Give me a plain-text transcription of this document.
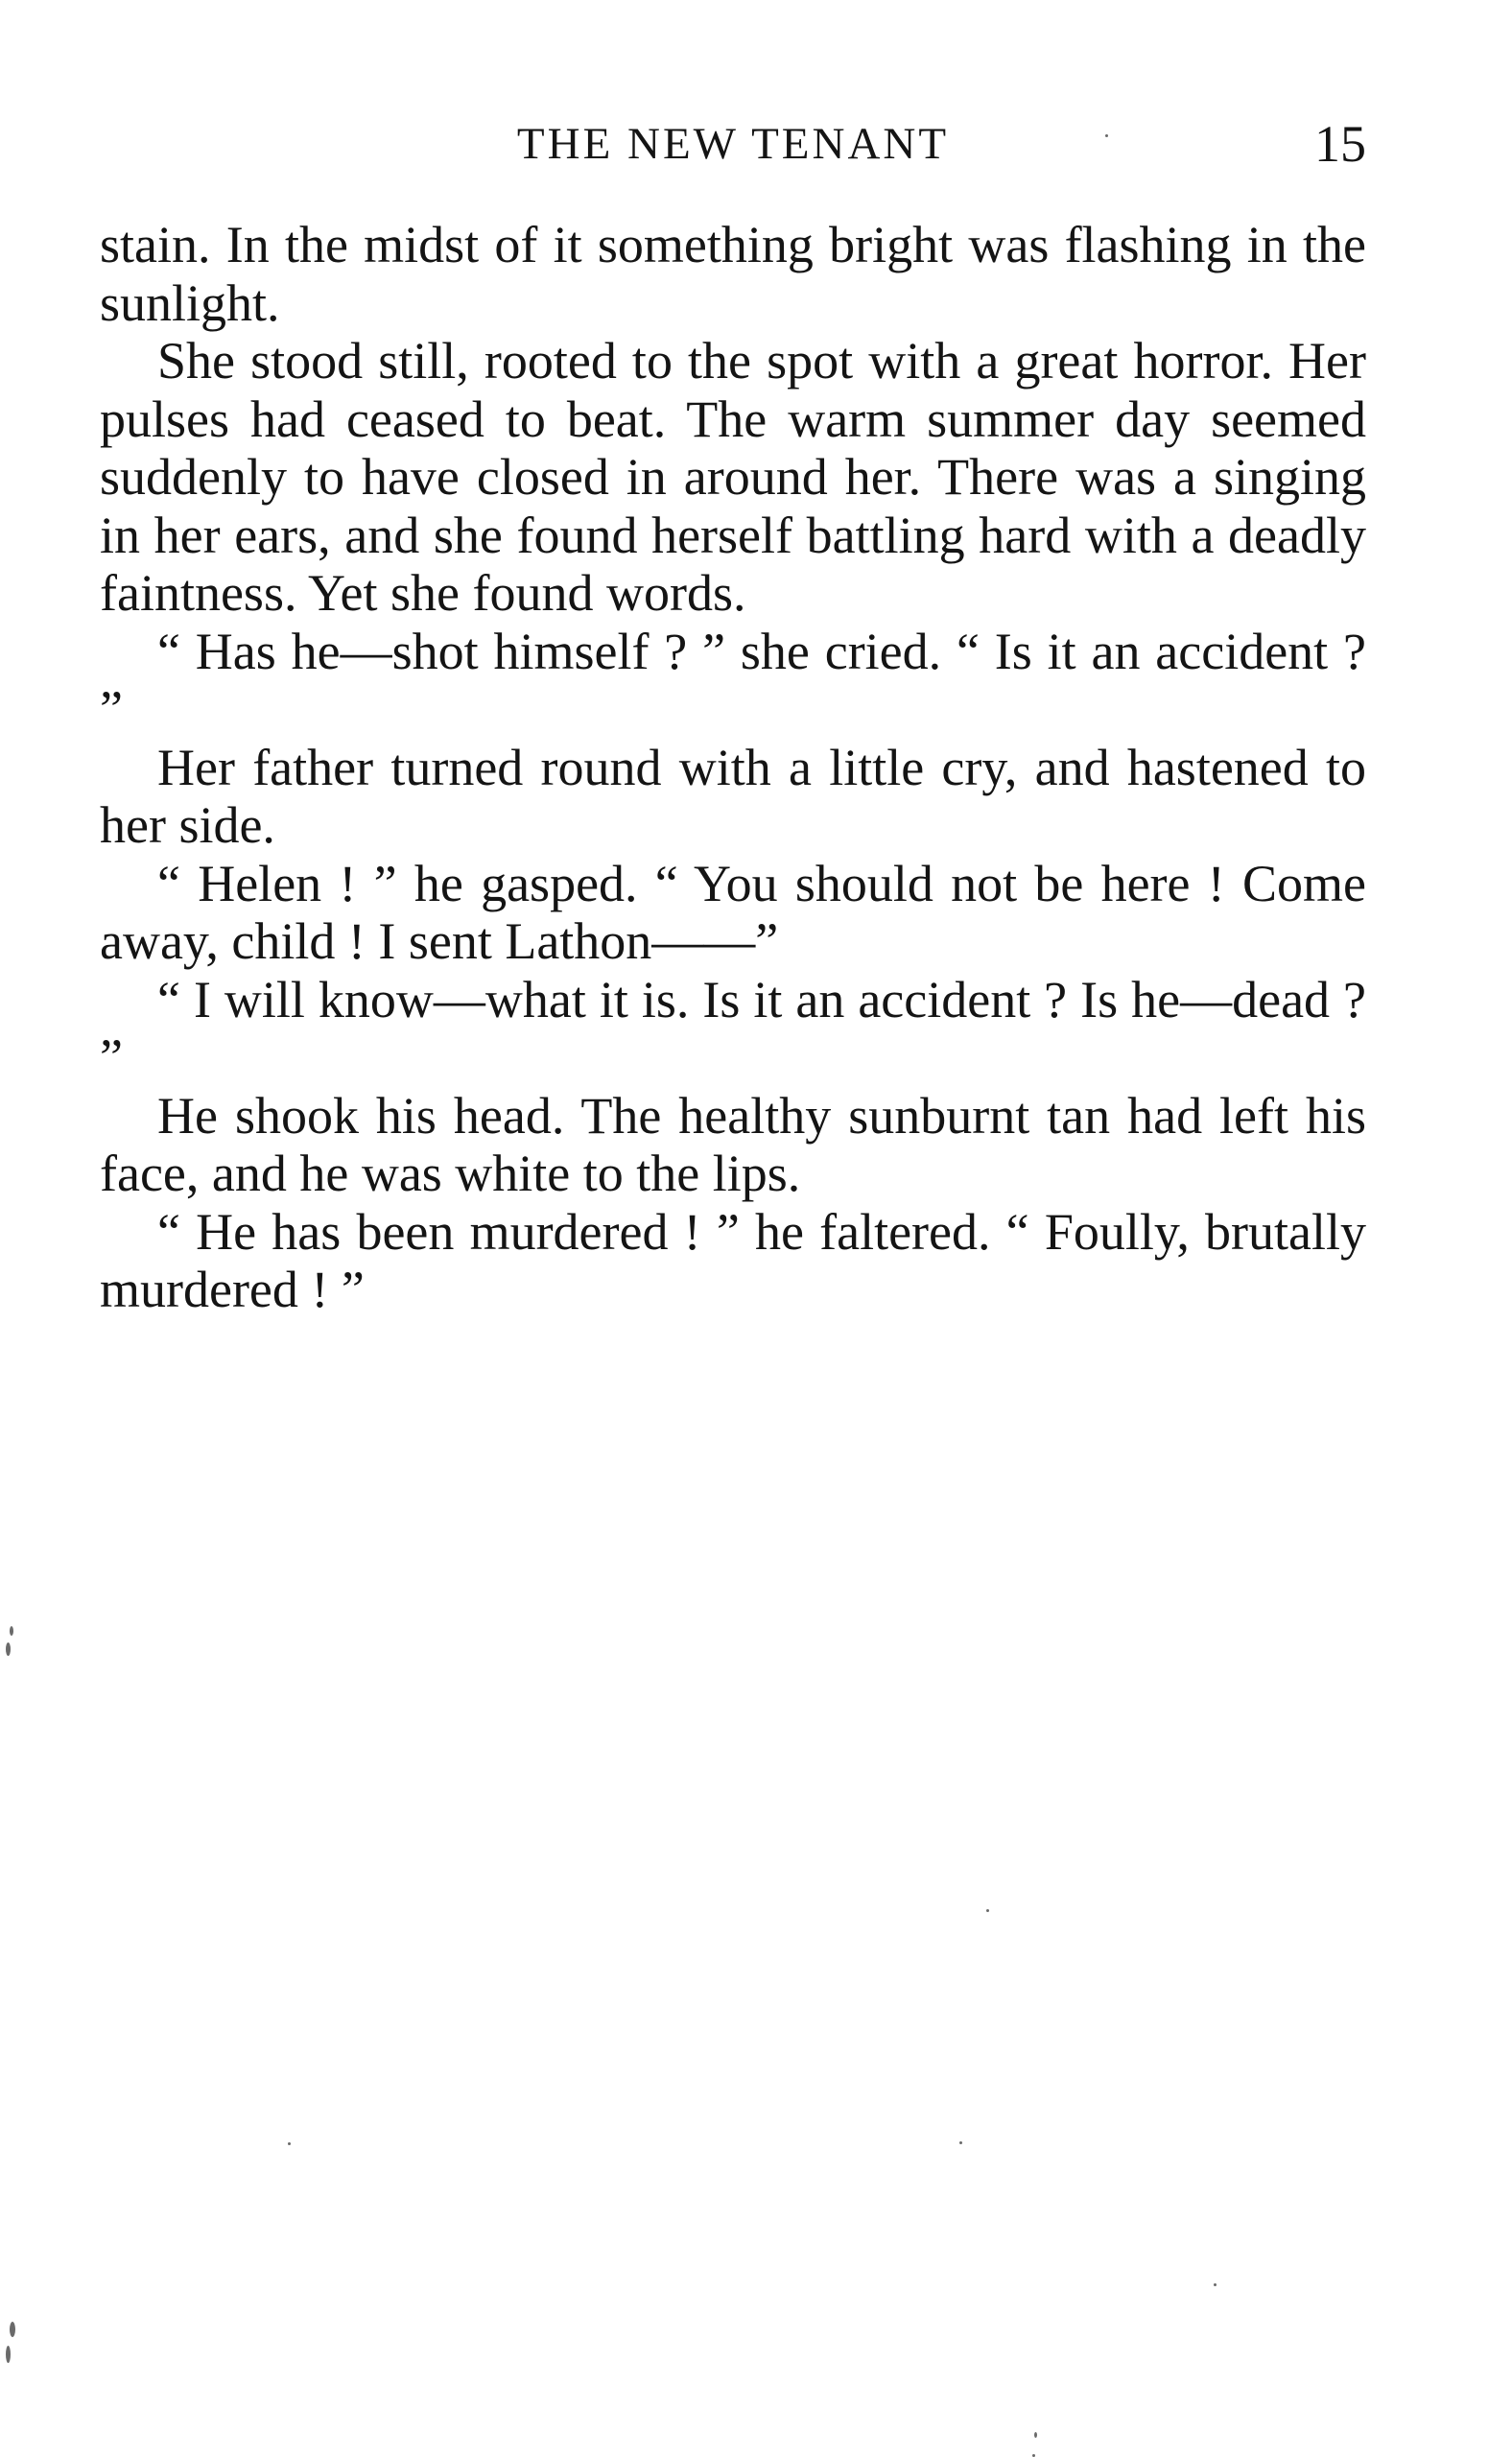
THE NEW TENANT	15

stain. In the midst of it something bright was flashing in the sunlight.

She stood still, rooted to the spot with a great horror. Her pulses had ceased to beat. The warm summer day seemed suddenly to have closed in around her. There was a singing in her ears, and she found herself battling hard with a deadly faintness. Yet she found words.

“ Has he—shot himself ? ” she cried. “ Is it an accident ? ”

Her father turned round with a little cry, and hastened to her side.

“ Helen ! ” he gasped. “ You should not be here ! Come away, child ! I sent Lathon——”

“ I will know—what it is. Is it an accident ? Is he—dead ? ”

He shook his head. The healthy sunburnt tan had left his face, and he was white to the lips.

“ He has been murdered ! ” he faltered. “ Foully, brutally murdered ! ”
